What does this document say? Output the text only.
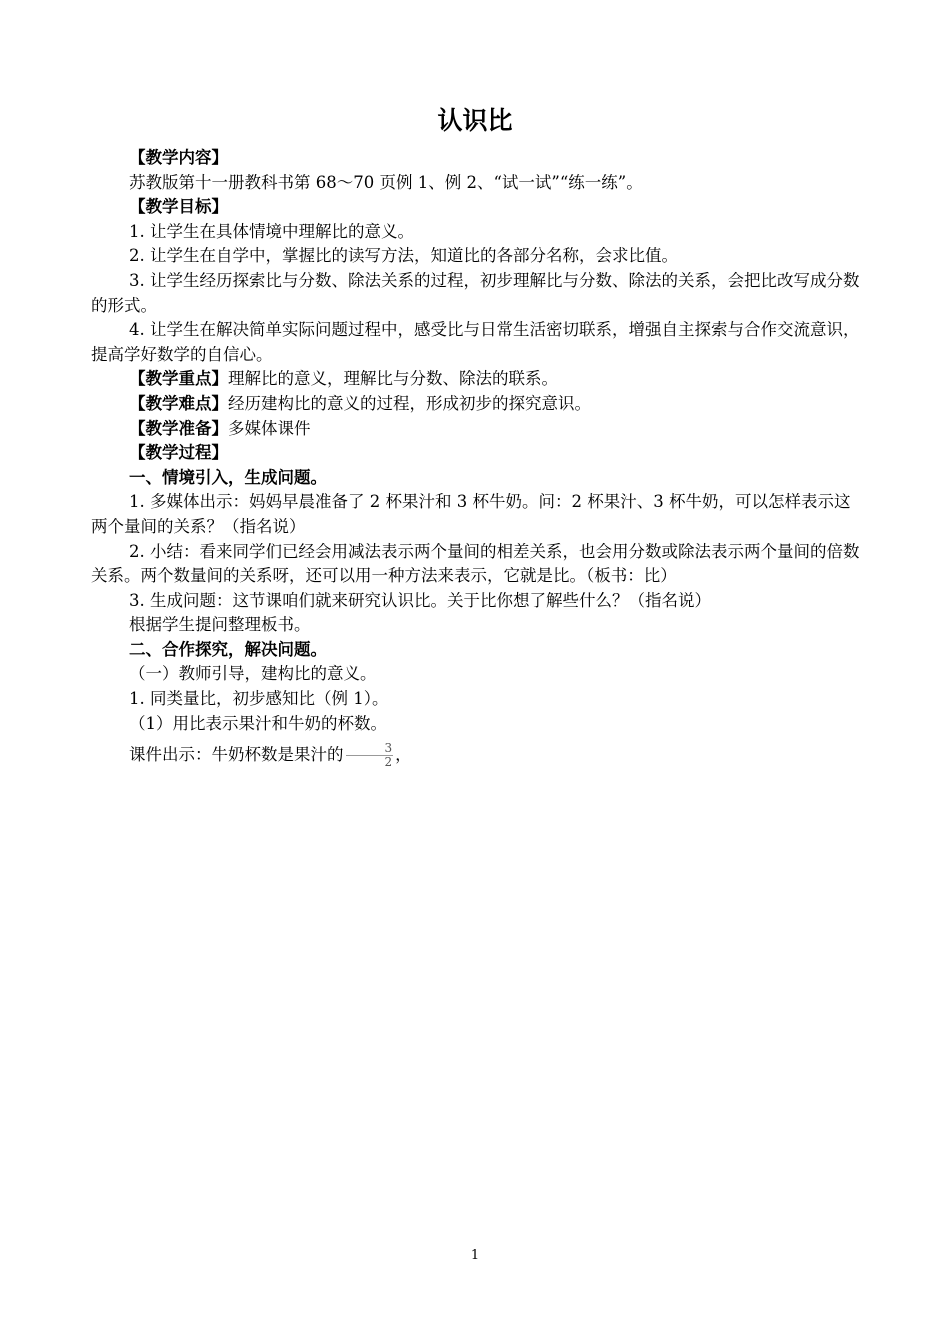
认识比

【教学内容】

苏教版第十一册教科书第 68～70 页例 1、例 2、“试一试”“练一练”。

【教学目标】

1. 让学生在具体情境中理解比的意义。

2. 让学生在自学中，掌握比的读写方法，知道比的各部分名称，会求比值。

3. 让学生经历探索比与分数、除法关系的过程，初步理解比与分数、除法的关系，会把比改写成分数的形式。

4. 让学生在解决简单实际问题过程中，感受比与日常生活密切联系，增强自主探索与合作交流意识，提高学好数学的自信心。

【教学重点】理解比的意义，理解比与分数、除法的联系。

【教学难点】经历建构比的意义的过程，形成初步的探究意识。

【教学准备】多媒体课件

【教学过程】

一、情境引入，生成问题。

1. 多媒体出示：妈妈早晨准备了 2 杯果汁和 3 杯牛奶。问：2 杯果汁、3 杯牛奶，可以怎样表示这两个量间的关系？（指名说）

2. 小结：看来同学们已经会用减法表示两个量间的相差关系，也会用分数或除法表示两个量间的倍数关系。两个数量间的关系呀，还可以用一种方法来表示，它就是比。（板书：比）

3. 生成问题：这节课咱们就来研究认识比。关于比你想了解些什么？（指名说）

根据学生提问整理板书。

二、合作探究，解决问题。

（一）教师引导，建构比的意义。

1. 同类量比，初步感知比（例 1）。

（1）用比表示果汁和牛奶的杯数。

课件出示：牛奶杯数是果汁的 $\frac{3}{2}$ ，

1
